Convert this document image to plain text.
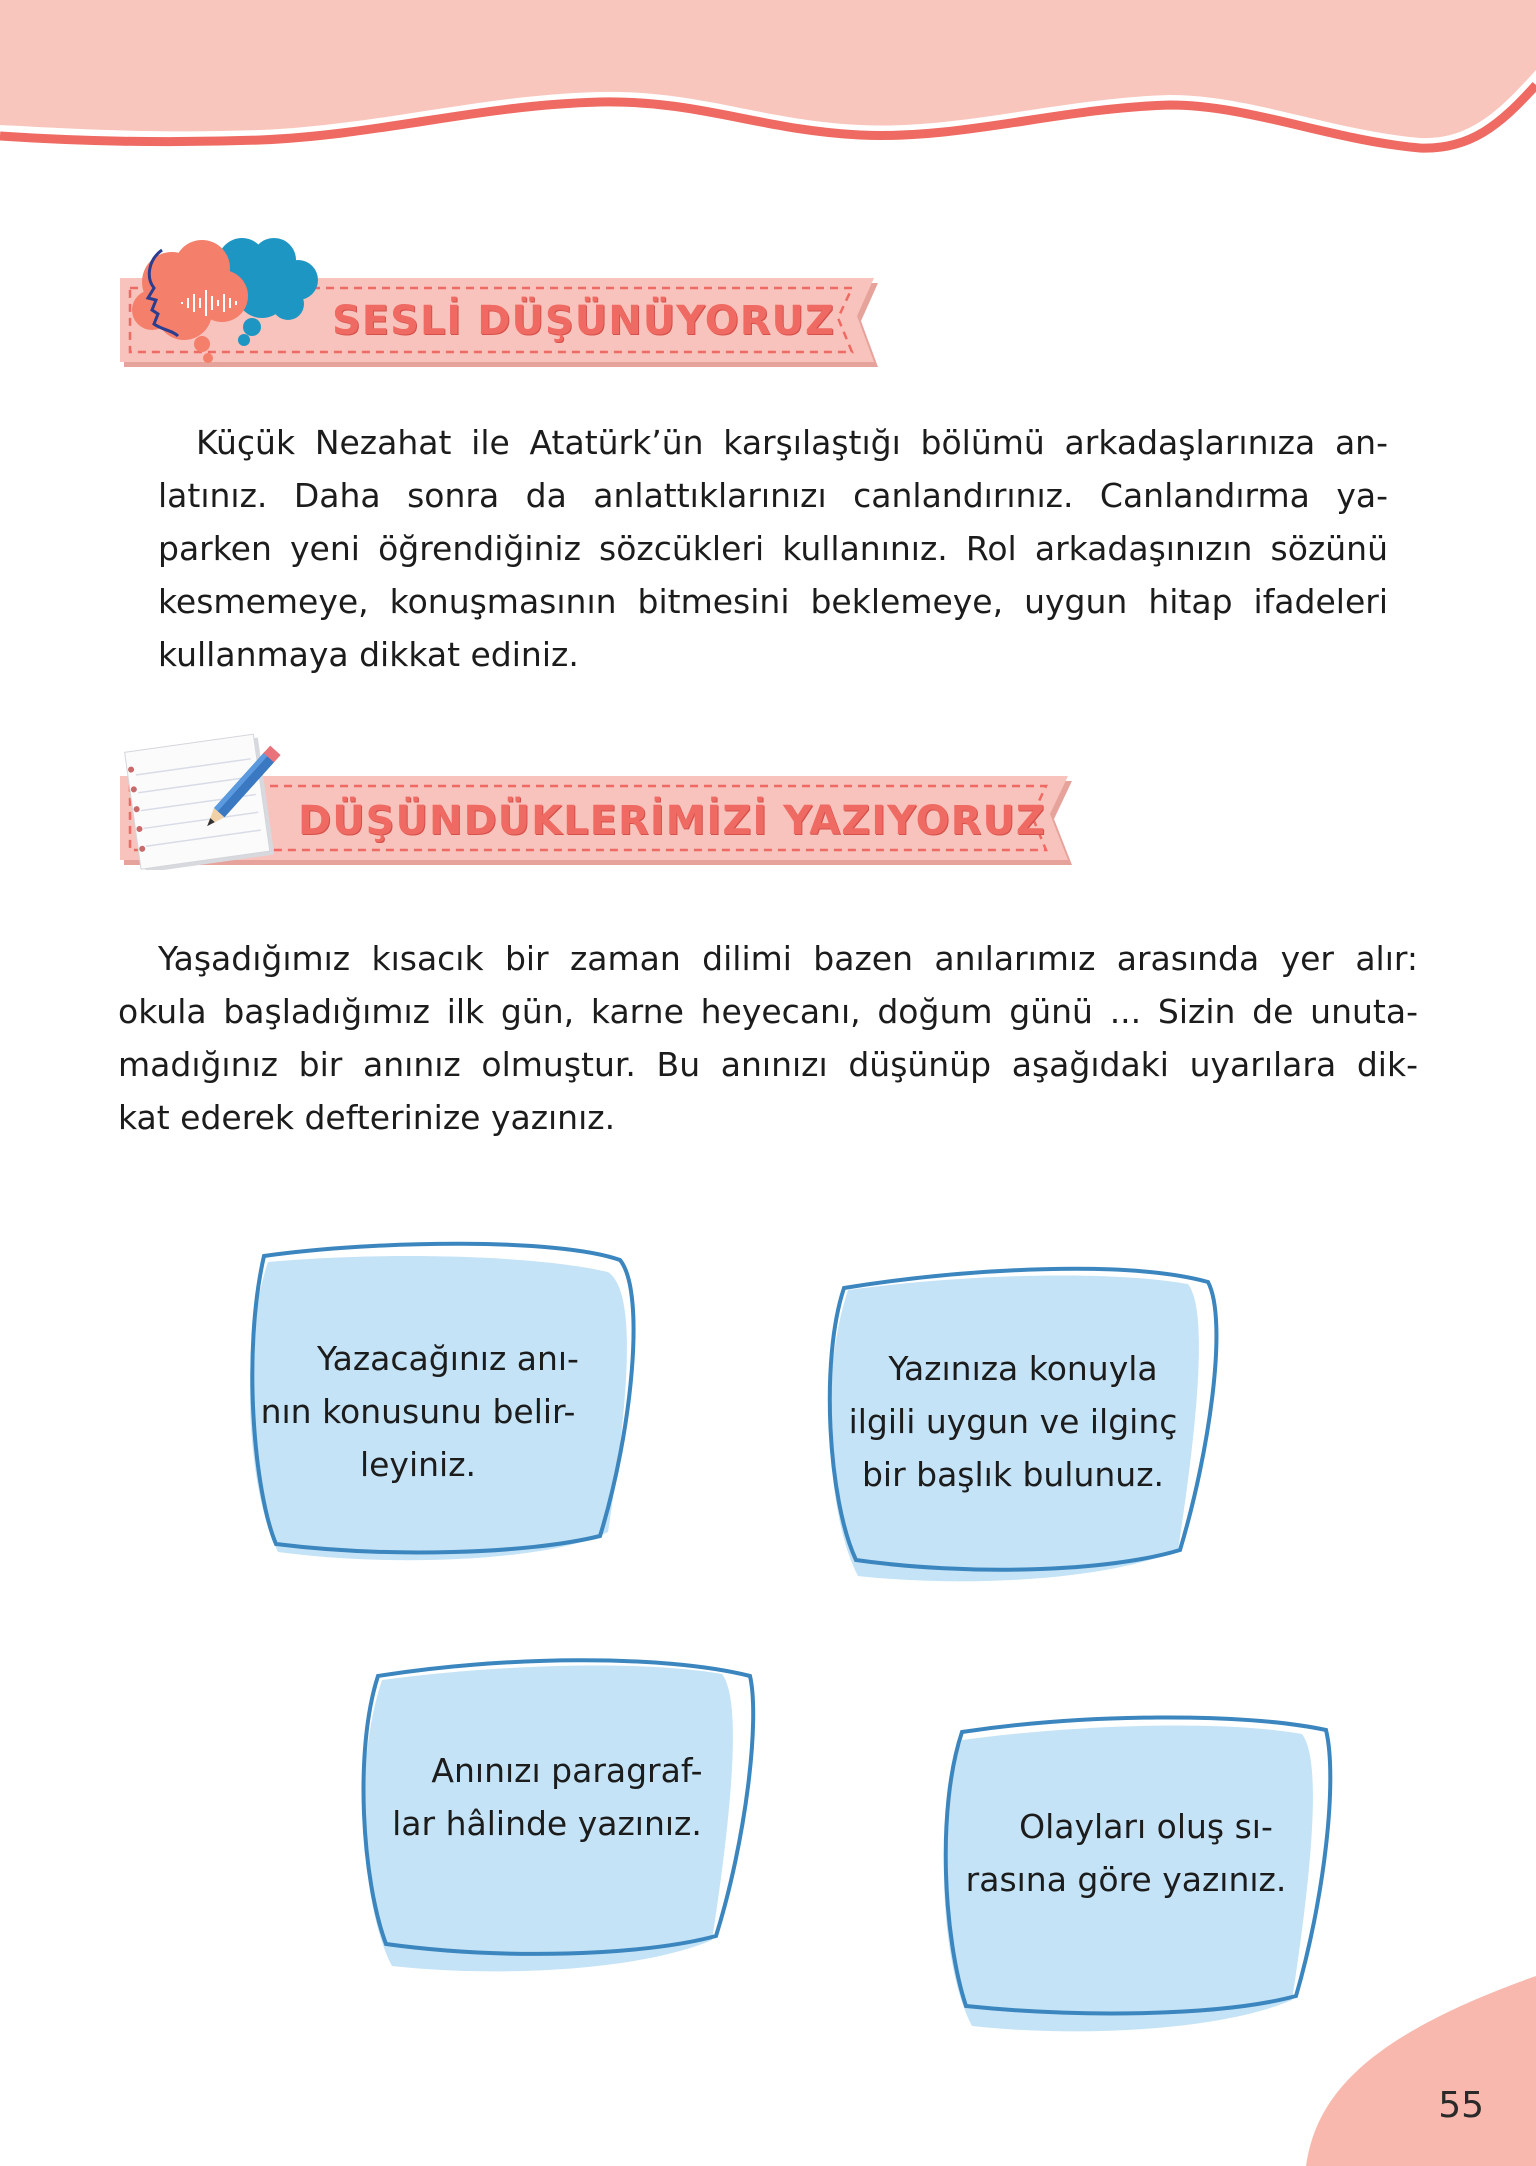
SESLİ DÜŞÜNÜYORUZ
Küçük Nezahat ile Atatürk’ün karşılaştığı bölümü arkadaşlarınıza an-
latınız. Daha sonra da anlattıklarınızı canlandırınız. Canlandırma ya-
parken yeni öğrendiğiniz sözcükleri kullanınız. Rol arkadaşınızın sözünü
kesmemeye, konuşmasının bitmesini beklemeye, uygun hitap ifadeleri
kullanmaya dikkat ediniz.
DÜŞÜNDÜKLERİMİZİ YAZIYORUZ
Yaşadığımız kısacık bir zaman dilimi bazen anılarımız arasında yer alır:
okula başladığımız ilk gün, karne heyecanı, doğum günü ... Sizin de unuta-
madığınız bir anınız olmuştur. Bu anınızı düşünüp aşağıdaki uyarılara dik-
kat ederek defterinize yazınız.
Yazacağınız anı-
nın konusunu belir-
leyiniz.
Yazınıza konuyla
ilgili uygun ve ilginç
bir başlık bulunuz.
Anınızı paragraf-
lar hâlinde yazınız.	Olayları oluş sı-
rasına göre yazınız.
55
